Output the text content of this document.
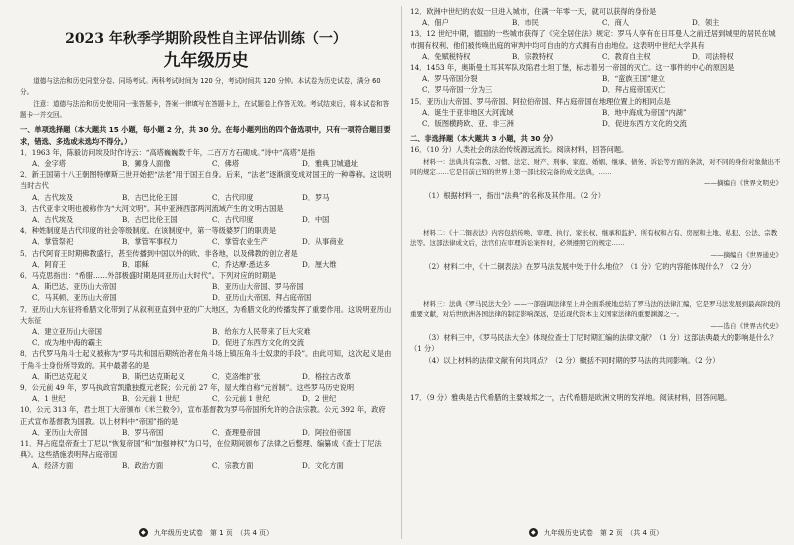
2023 年秋季学期阶段性自主评估训练（一）
九年级历史

道德与法治和历史同堂分卷、同场考试。两科考试时间为 120 分，考试时间共 120 分钟。本试卷为历史试卷，满分 60 分。

注意：道德与法治和历史使用同一张答题卡，答案一律填写在答题卡上，在试题卷上作答无效。考试结束后，将本试卷和答题卡一并交回。

一、单项选择题（本大题共 15 小题，每小题 2 分，共 30 分。在每小题列出的四个备选项中，只有一项符合题目要求，错选、多选或未选均不得分。）

1．1963 年，陈毅访问埃及时作诗云：“高塔巍巍数千年，二百万方石砌成。”诗中“高塔”是指

A．金字塔	B．狮身人面像	C．佛塔	D．雅典卫城遗址

2．新王国第十八王朝图特摩斯三世开始把“法老”用于国王自身。后来，“法老”逐渐演变成对国王的一种尊称。这说明当时古代

A．古代埃及	B．古巴比伦王国	C．古代印度	D．罗马

3．古代亚非文明也被称作为“大河文明”。其中亚洲西部两河流域产生的文明古国是

A．古代埃及	B．古巴比伦王国	C．古代印度	D．中国

4．种姓制度是古代印度的社会等级制度。在该制度中，第一等级婆罗门的职责是

A．掌管祭祀	B．掌管军事权力	C．掌管农业生产	D．从事商业

5．古代阿育王时期佛教盛行，甚至传播到中国以外的欧、非各地，以及佛教的创立者是

A．阿育王	B．耶稣	C．乔达摩·悉达多	D．厘大维

6．马克思指出：“希腊……外部极盛时期是同亚历山大时代”。下列对应的时期是

A．斯巴达、亚历山大帝国	B．亚历山大帝国、罗马帝国
C．马其顿、亚历山大帝国	D．亚历山大帝国、拜占庭帝国

7．亚历山大东征将希腊文化带到了从叙利亚直到中亚的广大地区，为希腊文化的传播发挥了重要作用。这说明亚历山大东征

A．建立亚历山大帝国	B．给东方人民带来了巨大灾难
C．成为地中海的霸主	D．促进了东西方文化的交流

8．古代罗马角斗士起义被称为“罗马共和国后期统治者在角斗场上镇压角斗士奴隶的手段”。由此可知，这次起义是由于角斗士身份所导致的。其中最著名的是

A．斯巴达克起义	B．斯巴达克斯起义	C．克洛维扩张	D．格拉古改革

9．公元前 49 年，罗马执政官凯撒独揽元老院；公元前 27 年，屋大维自称“元首制”。这些罗马历史说明

A．1 世纪	B．公元前 1 世纪	C．公元前 1 世纪	D．2 世纪

10．公元 313 年，君士坦丁大帝颁布《米兰敕令》，宣布基督教为罗马帝国所允许的合法宗教。公元 392 年，政府正式宣布基督教为国教。以上材料中“帝国”指的是

A．亚历山大帝国	B．罗马帝国	C．查理曼帝国	D．阿拉伯帝国

11．拜占庭皇帝查士丁尼以“恢复帝国”和“加强神权”为口号，在位期间颁布了法律之后整理、编纂成《查士丁尼法典》。这些措施表明拜占庭帝国

A．经济方面	B．政治方面	C．宗教方面	D．文化方面
◆ 九年级历史试卷　第 1 页　（共 4 页）

12．欧洲中世纪的农奴一旦进入城市，住满一年零一天，就可以获得的身份是

A．佃户	B．市民	C．商人	D．领主

13．12 世纪中期，德国的一些城市获得了《完全居住法》规定：罗马人享有在日耳曼人之前迁居到城里的居民在城市拥有权利、他们被传唤出庭的审判中均可自由的方式拥有自由地位。这表明中世纪大学具有

A．免赋税特权	B．宗教特权	C．教育自主权	D．司法特权

14．1453 年，奥斯曼土耳其军队攻陷君士坦丁堡，标志着另一帝国的灭亡。这一事件的中心的原因是

A．罗马帝国分裂	B．“蛮族王国”建立
C．罗马帝国一分为三	D．拜占庭帝国灭亡

15．亚历山大帝国、罗马帝国、阿拉伯帝国、拜占庭帝国在地理位置上的相同点是

A．诞生于亚非地区大河流域	B．地中海成为帝国“内湖”
C．版图横跨欧、亚、非三洲	D．促进东西方文化的交流
二、非选择题（本大题共 3 小题，共 30 分）

16．（10 分）人类社会的法治传统源远流长。阅读材料，回答问题。

材料一：法典共有宗教、习惯、法定、财产、刑事、家庭、婚姻、继承、债务、诉讼等方面的条款，对不同的身份对象做出不同的规定……它是目前已知的世界上第一部比较完备的成文法典，……

——摘编自《世界文明史》

（1）根据材料一，指出“法典”的名称及其作用。（2 分）

材料二：《十二铜表法》内容包括传唤、审理、执行、家长权、继承和监护、所有权和占有、房屋和土地、私犯、公法、宗教法等。这部法律成文后，法官们在审理诉讼案件时，必须遵照它的规定……

——摘编自《世界通史》

（2）材料二中，《十二铜表法》在罗马法发展中处于什么地位？（1 分）它的内容能体现什么？（2 分）

材料三：法典《罗马民法大全》——一部强调法律至上并全面系统地总结了罗马法的法律汇编，它是罗马法发展到最高阶段的重要文献，对后世欧洲各国法律的制定影响深远，是近现代资本主义国家法律的重要渊源之一。

——选自《世界古代史》

（3）材料三中，《罗马民法大全》体现位查士丁尼时期汇编的法律文献？（1 分）这部法典最大的影响是什么？（1 分）

（4）以上材料的法律文献有何共同点？（2 分）概括不同时期的罗马法的共同影响。（2 分）

17．（9 分）雅典是古代希腊的主要城邦之一，古代希腊是欧洲文明的发祥地。阅读材料，回答问题。

◆ 九年级历史试卷　第 2 页　（共 4 页）
